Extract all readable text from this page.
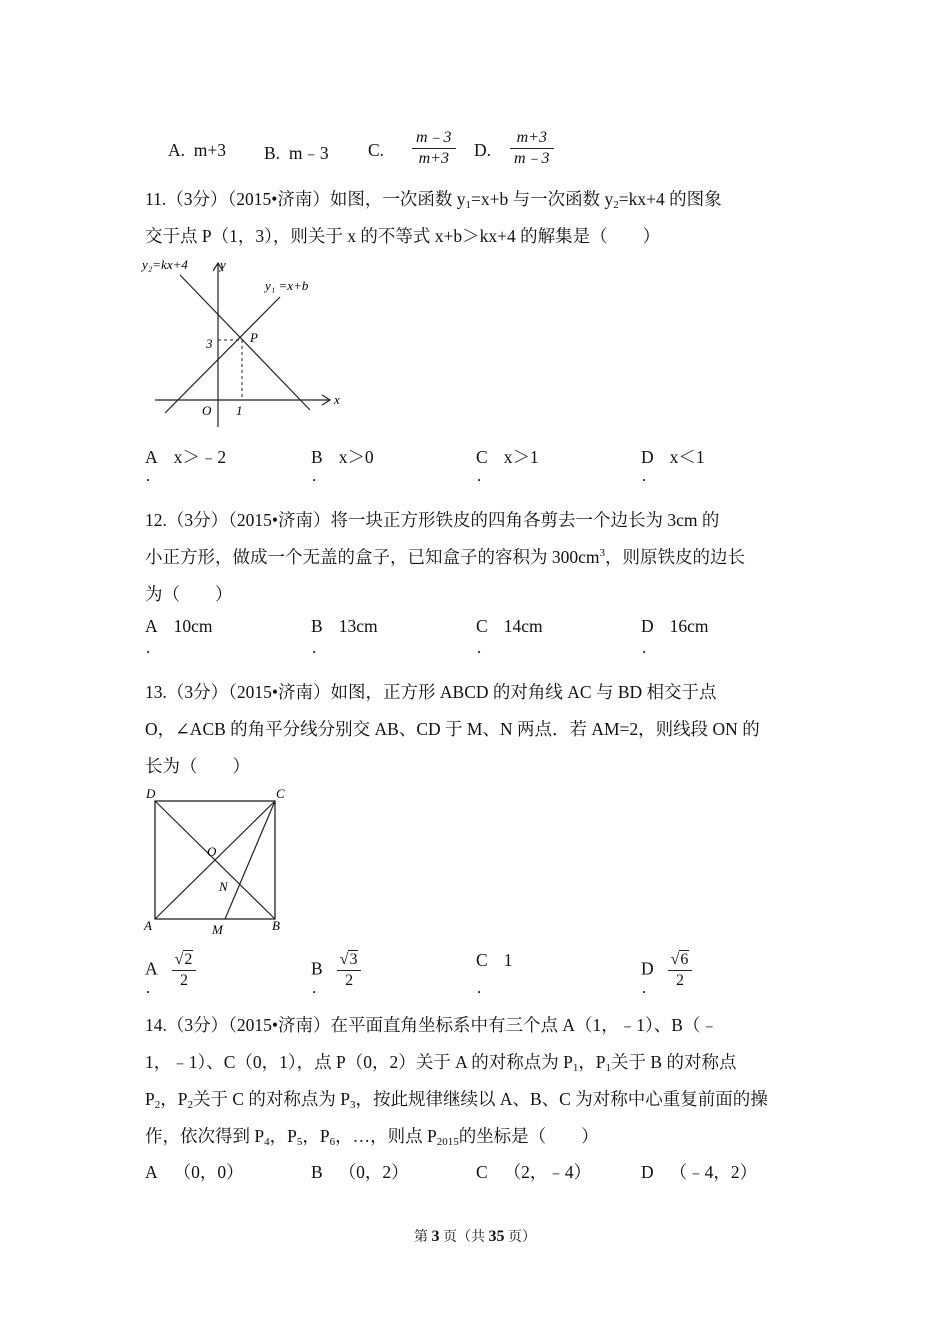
A. m+3 B. m﹣3 C. $\frac{m﹣3}{m+3} D$. $\frac{m+3}{m﹣3}$
11.（3分）（2015•济南）如图，一次函数 $y_1=x+b$ 与一次函数 $y_2=kx+4$ 的图象
交于点 P（1，3），则关于 x 的不等式 x+b＞kx+4 的解集是（　　）
y₂=kx+4 y
y₁ =x+b
P
3
O 1
x
A x＞﹣2
.
B x＞0
.
C x＞1
.
D x＜1
.
12.（3分）（2015•济南）将一块正方形铁皮的四角各剪去一个边长为 3cm 的
小正方形，做成一个无盖的盒子，已知盒子的容积为 $300cm^3$，则原铁皮的边长
为（　　）
A 10cm
.
B 13cm
.
C 14cm
.
D 16cm
.
13.（3分）（2015•济南）如图，正方形 ABCD 的对角线 AC 与 BD 相交于点
O，∠ACB 的角平分线分别交 AB、CD 于 M、N 两点．若 AM=2，则线段 ON 的
长为（　　）
D	C
O
N
A	M	B
A $\frac{√2}{2}$
.
B $\frac{√3}{2}$
.
C 1
.
D $\frac{√6}{2}$
.
14.（3分）（2015•济南）在平面直角坐标系中有三个点 A（1，﹣1）、B（﹣
1，﹣1）、C（0，1），点 P（0，2）关于 A 的对称点为 $P_1$，$P_1$关于 B 的对称点
$P_2$，$P_2$关于 C 的对称点为 $P_3$，按此规律继续以 A、B、C 为对称中心重复前面的操
作，依次得到 $P_4$，$P_5$，$P_6$，…，则点 $P_{2015}$的坐标是（　　）
A （0，0）	B （0，2）	C （2，﹣4）	D （﹣4，2）
第 3 页（共 35 页）
